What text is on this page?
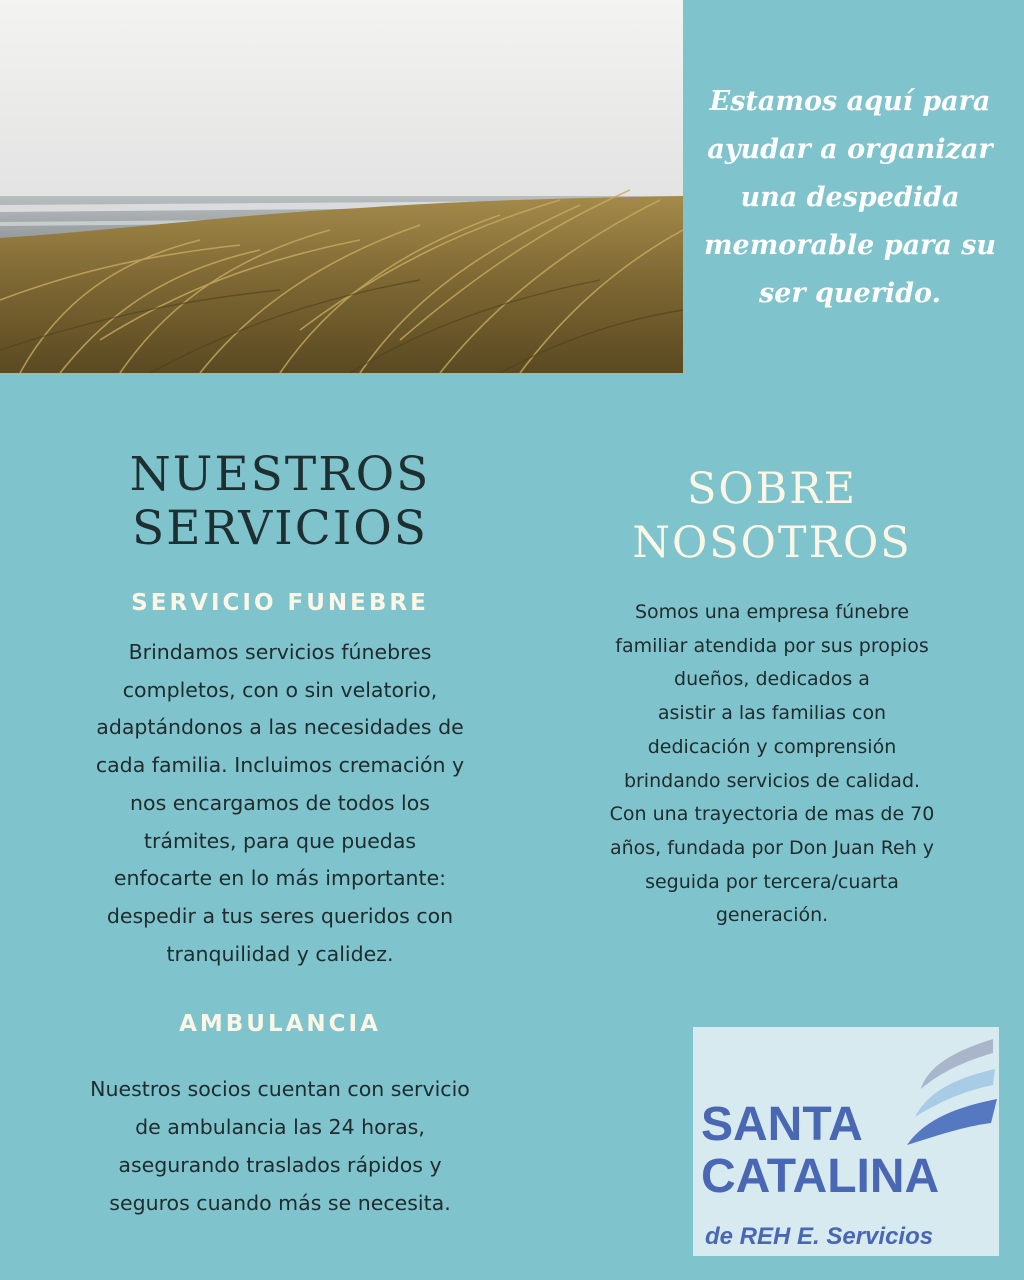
Estamos aquí para
ayudar a organizar
una despedida
memorable para su
ser querido.
NUESTROS
SERVICIOS
SERVICIO FUNEBRE
Brindamos servicios fúnebres
completos, con o sin velatorio,
adaptándonos a las necesidades de
cada familia. Incluimos cremación y
nos encargamos de todos los
trámites, para que puedas
enfocarte en lo más importante:
despedir a tus seres queridos con
tranquilidad y calidez.
AMBULANCIA
Nuestros socios cuentan con servicio
de ambulancia las 24 horas,
asegurando traslados rápidos y
seguros cuando más se necesita.
SOBRE
NOSOTROS
Somos una empresa fúnebre
familiar atendida por sus propios
dueños, dedicados a
asistir a las familias con
dedicación y comprensión
brindando servicios de calidad.
Con una trayectoria de mas de 70
años, fundada por Don Juan Reh y
seguida por tercera/cuarta
generación.
SANTA
CATALINA
de REH E. Servicios
